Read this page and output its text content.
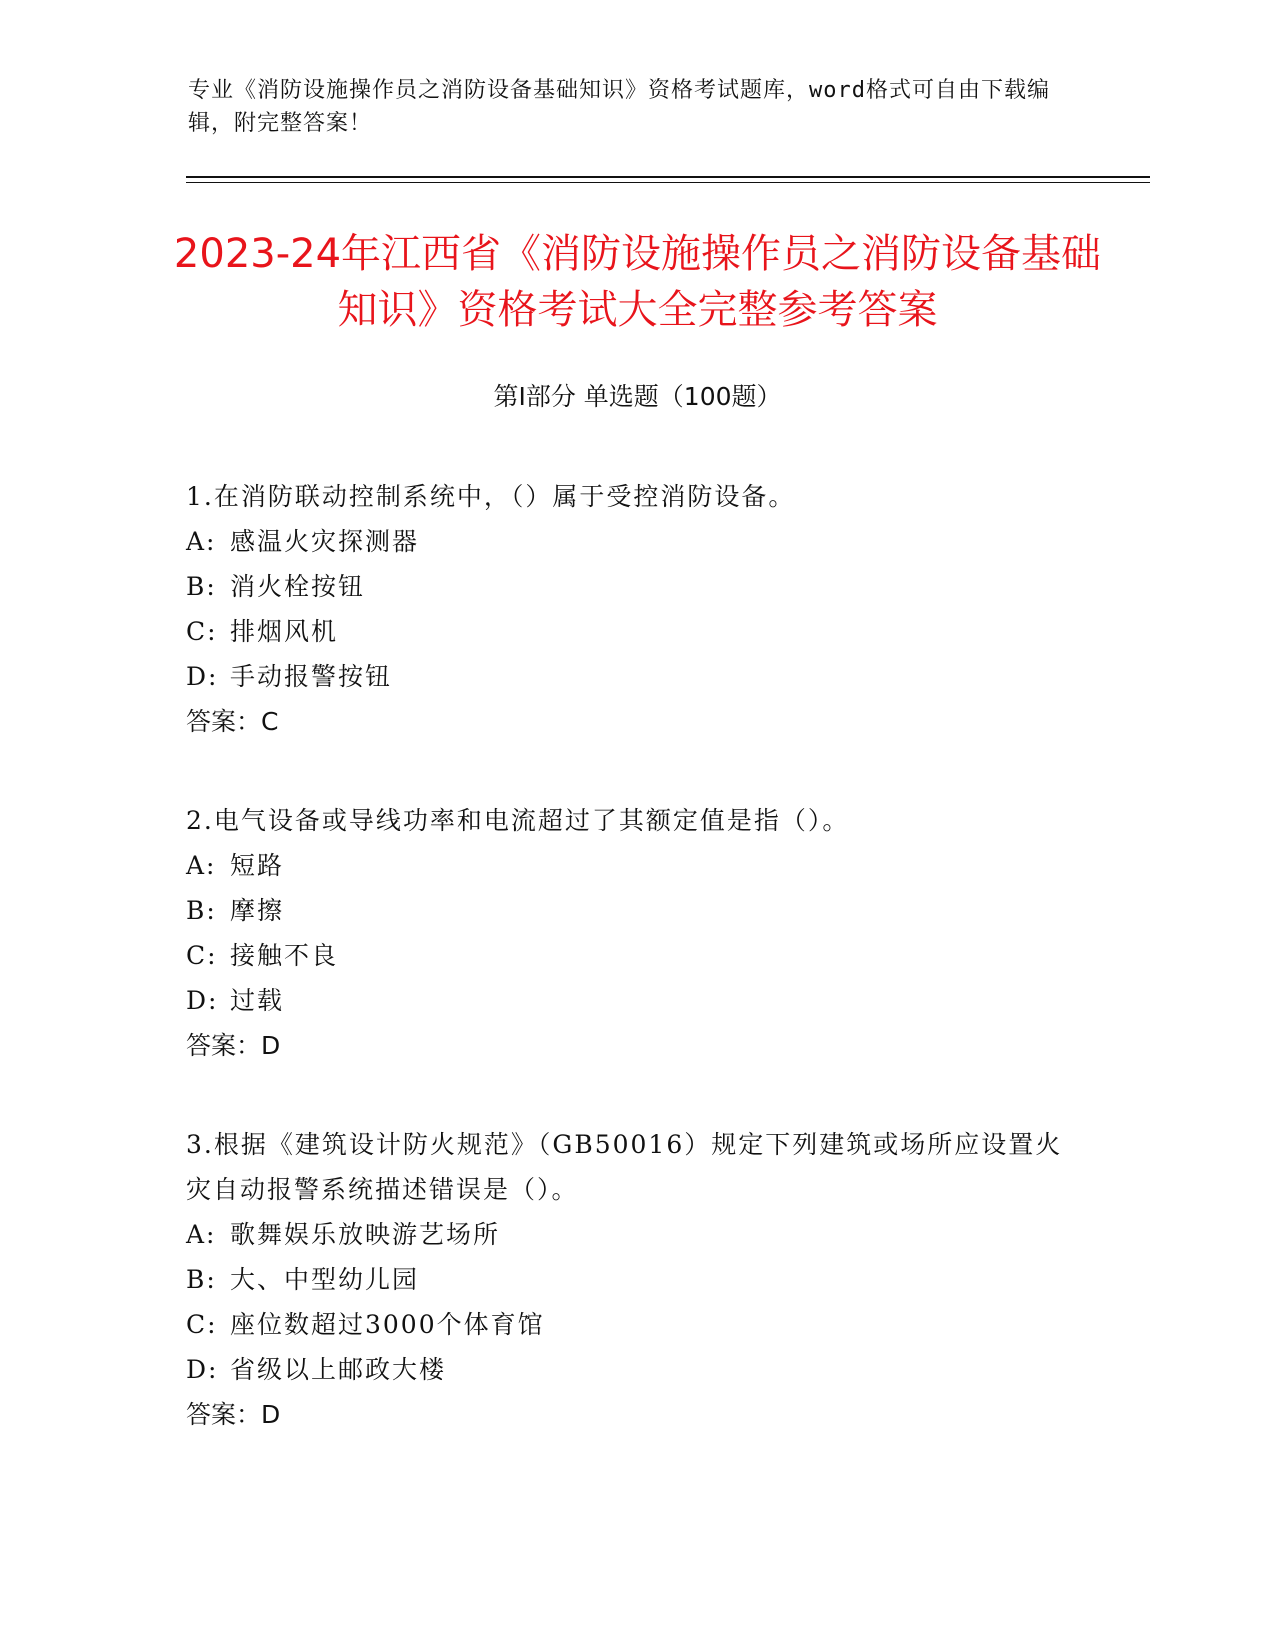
专业《消防设施操作员之消防设备基础知识》资格考试题库，word格式可自由下载编辑，附完整答案！
2023-24年江西省《消防设施操作员之消防设备基础知识》资格考试大全完整参考答案
第I部分 单选题（100题）
1.在消防联动控制系统中，（）属于受控消防设备。
A: 感温火灾探测器
B: 消火栓按钮
C: 排烟风机
D: 手动报警按钮
答案：C
2.电气设备或导线功率和电流超过了其额定值是指（）。
A: 短路
B: 摩擦
C: 接触不良
D: 过载
答案：D
3.根据《建筑设计防火规范》（GB50016）规定下列建筑或场所应设置火灾自动报警系统描述错误是（）。
A: 歌舞娱乐放映游艺场所
B: 大、中型幼儿园
C: 座位数超过3000个体育馆
D: 省级以上邮政大楼
答案：D
